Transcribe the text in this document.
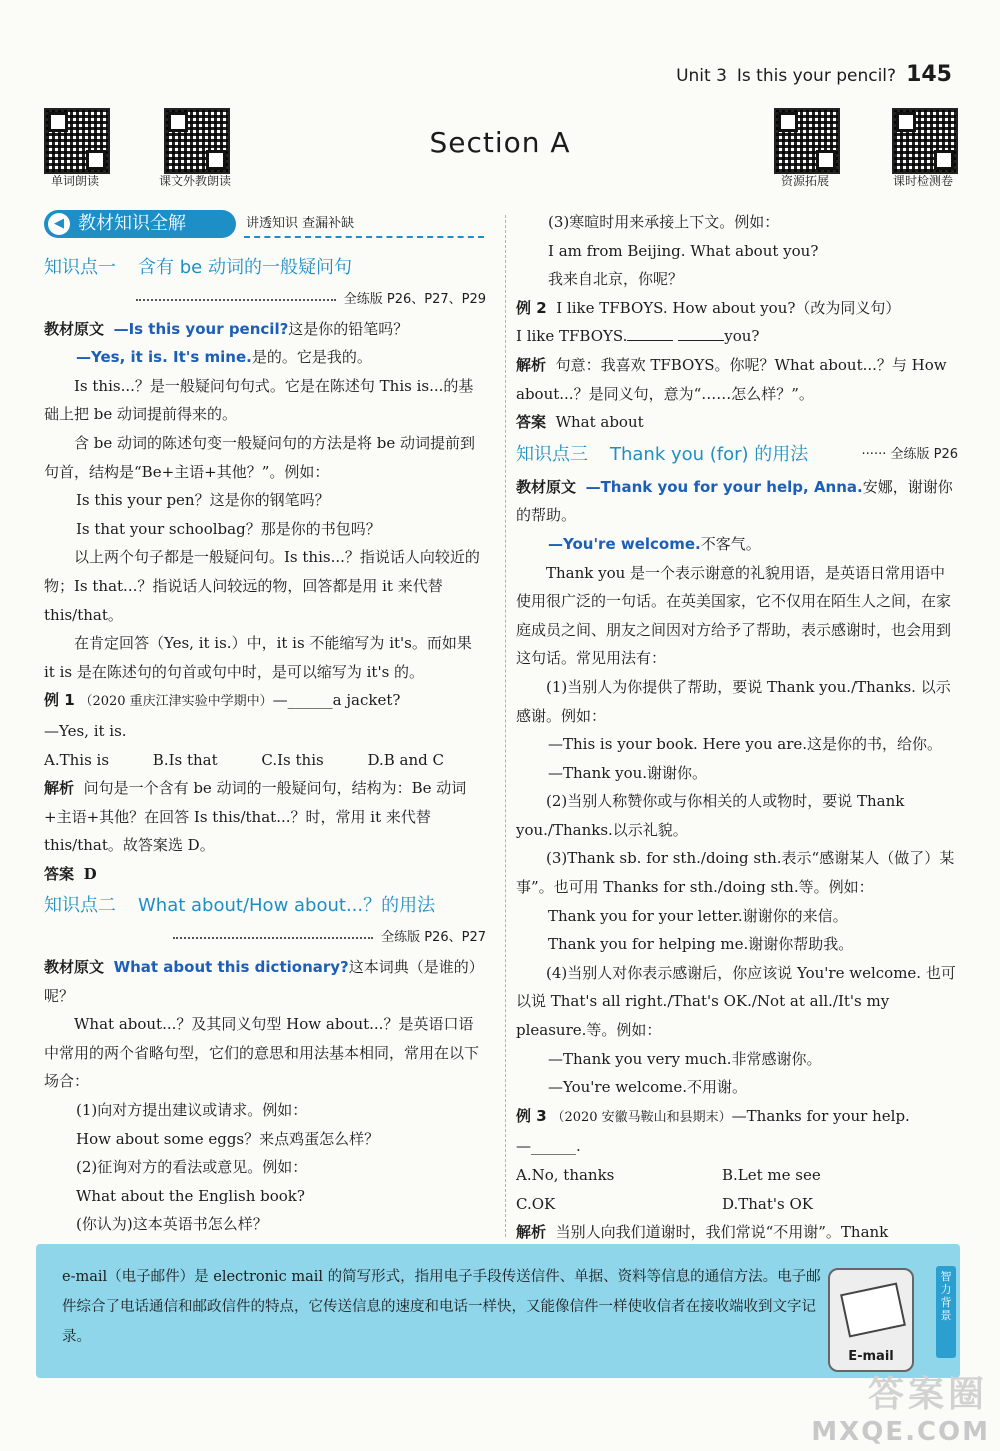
Unit 3 Is this your pencil? 145
单词朗读	课文外教朗读	资源拓展	课时检测卷
Section A
◀ 教材知识全解	讲透知识 查漏补缺
知识点一 含有 be 动词的一般疑问句
全练版 P26、P27、P29

教材原文 —Is this your pencil?这是你的铅笔吗？

—Yes, it is. It's mine.是的。它是我的。

Is this...？是一般疑问句句式。它是在陈述句 This is...的基础上把 be 动词提前得来的。

含 be 动词的陈述句变一般疑问句的方法是将 be 动词提前到句首，结构是“Be+主语+其他？”。例如：

Is this your pen？这是你的钢笔吗？

Is that your schoolbag？那是你的书包吗？

以上两个句子都是一般疑问句。Is this...？指说话人向较近的物；Is that...？指说话人问较远的物，回答都是用 it 来代替 this/that。

在肯定回答（Yes, it is.）中，it is 不能缩写为 it's。而如果 it is 是在陈述句的句首或句中时，是可以缩写为 it's 的。

例 1 （2020 重庆江津实验中学期中）—______a jacket?

—Yes, it is.

A.This is	B.Is that	C.Is this	D.B and C

解析 问句是一个含有 be 动词的一般疑问句，结构为：Be 动词+主语+其他？在回答 Is this/that...？时，常用 it 来代替 this/that。故答案选 D。

答案 D

知识点二 What about/How about...？的用法
全练版 P26、P27

教材原文 What about this dictionary?这本词典（是谁的）呢？

What about...？及其同义句型 How about...？是英语口语中常用的两个省略句型，它们的意思和用法基本相同，常用在以下场合：

(1)向对方提出建议或请求。例如：

How about some eggs？来点鸡蛋怎么样？

(2)征询对方的看法或意见。例如：

What about the English book?

(你认为)这本英语书怎么样？

(3)寒暄时用来承接上下文。例如：

I am from Beijing. What about you?

我来自北京，你呢？

例 2 I like TFBOYS. How about you?（改为同义句）

I like TFBOYS.	you?

解析 句意：我喜欢 TFBOYS。你呢？What about...？与 How about...？是同义句，意为“……怎么样？”。

答案 What about

知识点三 Thank you (for) 的用法	······ 全练版 P26

教材原文 —Thank you for your help, Anna.安娜，谢谢你的帮助。

—You're welcome.不客气。

Thank you 是一个表示谢意的礼貌用语，是英语日常用语中使用很广泛的一句话。在英美国家，它不仅用在陌生人之间，在家庭成员之间、朋友之间因对方给予了帮助，表示感谢时，也会用到这句话。常见用法有：

(1)当别人为你提供了帮助，要说 Thank you./Thanks. 以示感谢。例如：

—This is your book. Here you are.这是你的书，给你。

—Thank you.谢谢你。

(2)当别人称赞你或与你相关的人或物时，要说 Thank you./Thanks.以示礼貌。

(3)Thank sb. for sth./doing sth.表示“感谢某人（做了）某事”。也可用 Thanks for sth./doing sth.等。例如：

Thank you for your letter.谢谢你的来信。

Thank you for helping me.谢谢你帮助我。

(4)当别人对你表示感谢后，你应该说 You're welcome. 也可以说 That's all right./That's OK./Not at all./It's my pleasure.等。例如：

—Thank you very much.非常感谢你。

—You're welcome.不用谢。

例 3 （2020 安徽马鞍山和县期末）—Thanks for your help.

—______.

A.No, thanks	B.Let me see

C.OK	D.That's OK

解析 当别人向我们道谢时，我们常说“不用谢”。Thank

e-mail（电子邮件）是 electronic mail 的简写形式，指用电子手段传送信件、单据、资料等信息的通信方法。电子邮件综合了电话通信和邮政信件的特点，它传送信息的速度和电话一样快，又能像信件一样使收信者在接收端收到文字记录。
E-mail
智力背景
答案圈
MXQE.COM
